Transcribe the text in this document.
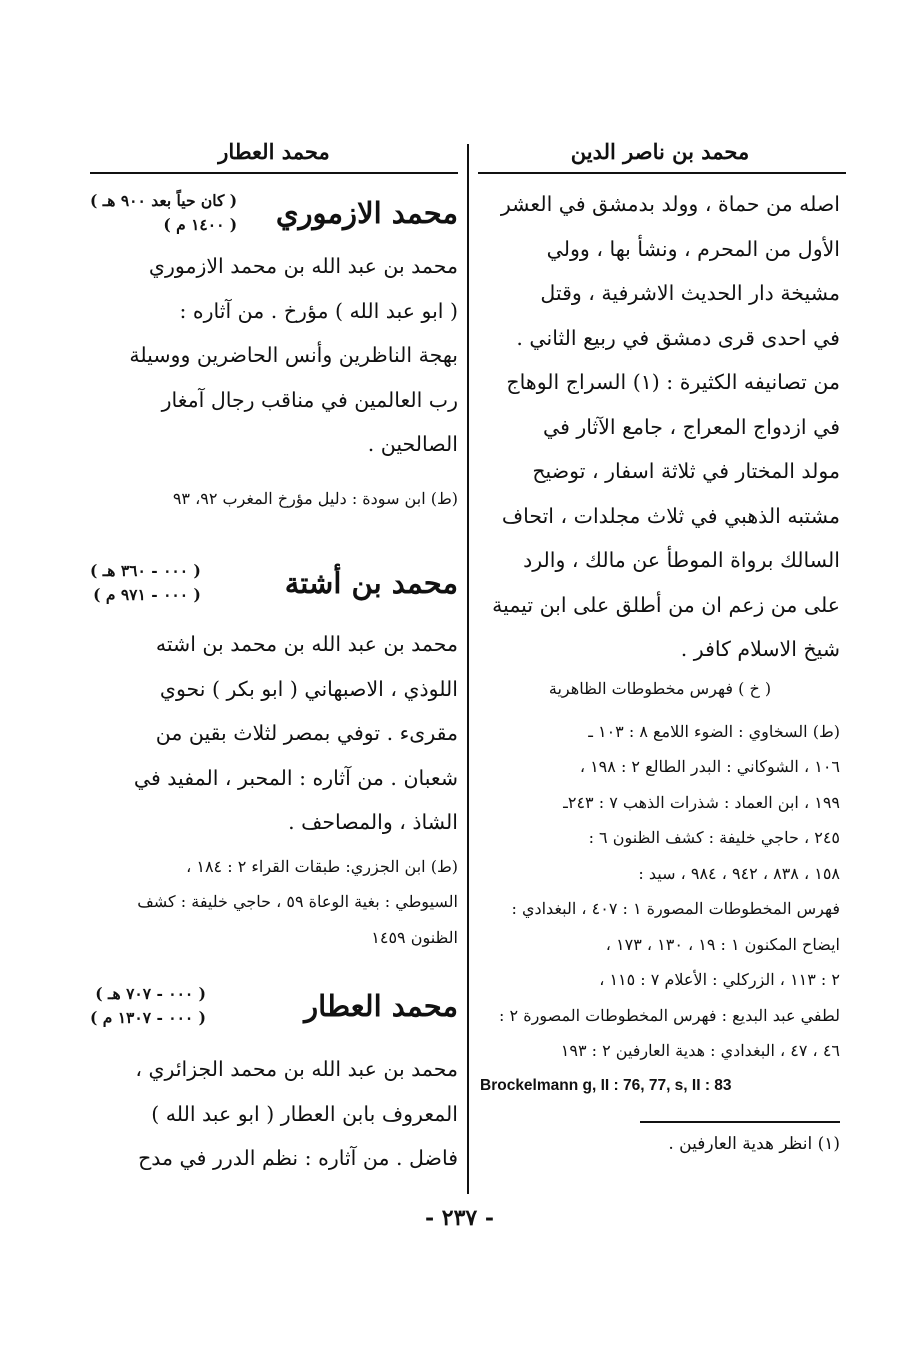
محمد بن ناصر الدين
اصله من حماة ، وولد بدمشق في العشر
الأول من المحرم ، ونشأ بها ، وولي
مشيخة دار الحديث الاشرفية ، وقتل
في احدى قرى دمشق في ربيع الثاني .
من تصانيفه الكثيرة : (١) السراج الوهاج
في ازدواج المعراج ، جامع الآثار في
مولد المختار في ثلاثة اسفار ، توضيح
مشتبه الذهبي في ثلاث مجلدات ، اتحاف
السالك برواة الموطأ عن مالك ، والرد
على من زعم ان من أطلق على ابن تيمية
شيخ الاسلام كافر .
( خ ) فهرس مخطوطات الظاهرية
(ط) السخاوي : الضوء اللامع ٨ : ١٠٣ ـ
١٠٦ ، الشوكاني : البدر الطالع ٢ : ١٩٨ ،
١٩٩ ، ابن العماد : شذرات الذهب ٧ : ٢٤٣ـ
٢٤٥ ، حاجي خليفة : كشف الظنون ٦ :
١٥٨ ، ٨٣٨ ، ٩٤٢ ، ٩٨٤ ، سيد :
فهرس المخطوطات المصورة ١ : ٤٠٧ ، البغدادي :
ايضاح المكنون ١ : ١٩ ، ١٣٠ ، ١٧٣ ،
٢ : ١١٣ ، الزركلي : الأعلام ٧ : ١١٥ ،
لطفي عبد البديع : فهرس المخطوطات المصورة ٢ :
٤٦ ، ٤٧ ، البغدادي : هدية العارفين ٢ : ١٩٣
Brockelmann g, II : 76, 77, s, II : 83
(١) انظر هدية العارفين .
محمد العطار
محمد الازموري
( كان حياً بعد ٩٠٠ هـ )
( ١٤٠٠ م )
محمد بن عبد الله بن محمد الازموري
( ابو عبد الله ) مؤرخ . من آثاره :
بهجة الناظرين وأنس الحاضرين ووسيلة
رب العالمين في مناقب رجال آمغار
الصالحين .
(ط) ابن سودة : دليل مؤرخ المغرب ٩٢، ٩٣
محمد بن أشتة
( ٠٠٠ - ٣٦٠ هـ )
( ٠٠٠ - ٩٧١ م )
محمد بن عبد الله بن محمد بن اشته
اللوذي ، الاصبهاني ( ابو بكر ) نحوي
مقرىء . توفي بمصر لثلاث بقين من
شعبان . من آثاره : المحبر ، المفيد في
الشاذ ، والمصاحف .
(ط) ابن الجزري: طبقات القراء ٢ : ١٨٤ ،
السيوطي : بغية الوعاة ٥٩ ، حاجي خليفة : كشف
الظنون ١٤٥٩
محمد العطار
( ٠٠٠ - ٧٠٧ هـ )
( ٠٠٠ - ١٣٠٧ م )
محمد بن عبد الله بن محمد الجزائري ،
المعروف بابن العطار ( ابو عبد الله )
فاضل . من آثاره : نظم الدرر في مدح
- ٢٣٧ -
